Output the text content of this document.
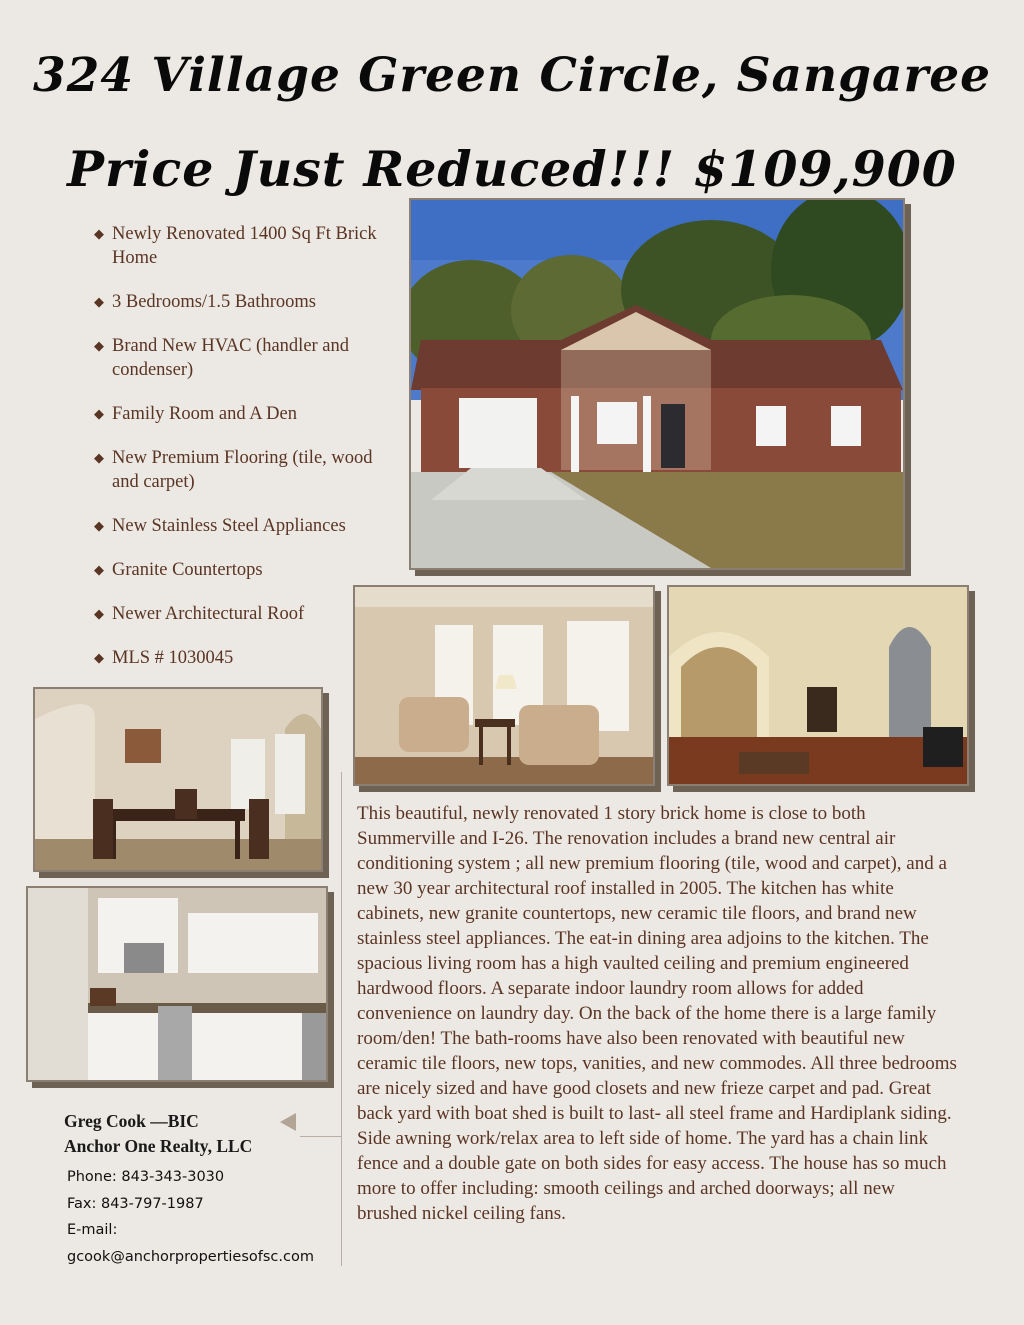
324 Village Green Circle, Sangaree
Price Just Reduced!!! $109,900
◆ Newly Renovated 1400 Sq Ft Brick Home
◆ 3 Bedrooms/1.5 Bathrooms
◆ Brand New HVAC (handler and condenser)
◆ Family Room and A Den
◆ New Premium Flooring (tile, wood and carpet)
◆ New Stainless Steel Appliances
◆ Granite Countertops
◆ Newer Architectural Roof
◆ MLS # 1030045

This beautiful, newly renovated 1 story brick home is close to both Summerville and I-26. The renovation includes a brand new central air conditioning system ; all new premium flooring (tile, wood and carpet), and a new 30 year architectural roof installed in 2005. The kitchen has white cabinets, new granite countertops, new ceramic tile floors, and brand new stainless steel appliances. The eat-in dining area adjoins to the kitchen. The spacious living room has a high vaulted ceiling and premium engineered hardwood floors. A separate indoor laundry room allows for added convenience on laundry day. On the back of the home there is a large family room/den! The bath-rooms have also been renovated with beautiful new ceramic tile floors, new tops, vanities, and new commodes. All three bedrooms are nicely sized and have good closets and new frieze carpet and pad. Great back yard with boat shed is built to last- all steel frame and Hardiplank siding. Side awning work/relax area to left side of home. The yard has a chain link fence and a double gate on both sides for easy access. The house has so much more to offer including: smooth ceilings and arched doorways; all new brushed nickel ceiling fans.

Greg Cook —BIC
Anchor One Realty, LLC
Phone: 843-343-3030
Fax: 843-797-1987
E-mail:
gcook@anchorpropertiesofsc.com
